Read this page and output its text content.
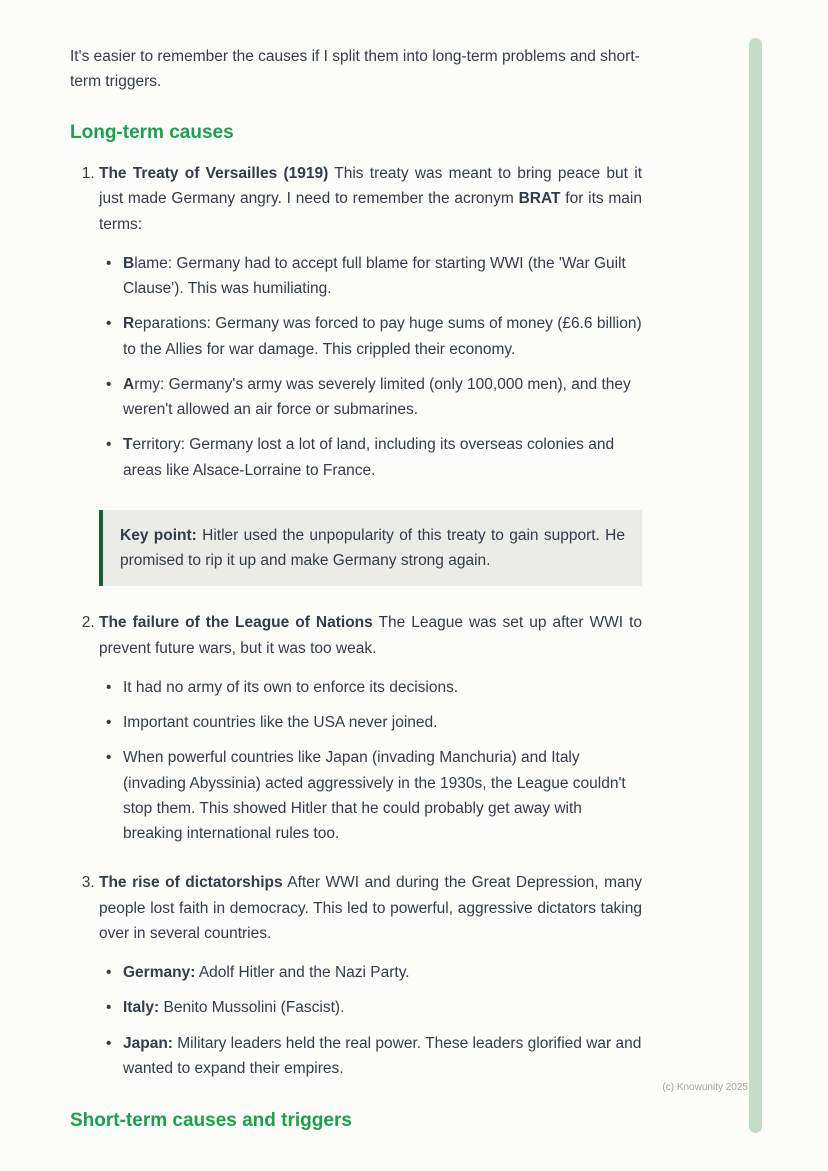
It's easier to remember the causes if I split them into long-term problems and short-term triggers.

Long-term causes

1. The Treaty of Versailles (1919) This treaty was meant to bring peace but it just made Germany angry. I need to remember the acronym BRAT for its main terms:

• Blame: Germany had to accept full blame for starting WWI (the 'War Guilt Clause'). This was humiliating.
• Reparations: Germany was forced to pay huge sums of money (£6.6 billion) to the Allies for war damage. This crippled their economy.
• Army: Germany's army was severely limited (only 100,000 men), and they weren't allowed an air force or submarines.
• Territory: Germany lost a lot of land, including its overseas colonies and areas like Alsace-Lorraine to France.

Key point: Hitler used the unpopularity of this treaty to gain support. He promised to rip it up and make Germany strong again.

2. The failure of the League of Nations The League was set up after WWI to prevent future wars, but it was too weak.

• It had no army of its own to enforce its decisions.
• Important countries like the USA never joined.
• When powerful countries like Japan (invading Manchuria) and Italy (invading Abyssinia) acted aggressively in the 1930s, the League couldn't stop them. This showed Hitler that he could probably get away with breaking international rules too.

3. The rise of dictatorships After WWI and during the Great Depression, many people lost faith in democracy. This led to powerful, aggressive dictators taking over in several countries.

• Germany: Adolf Hitler and the Nazi Party.
• Italy: Benito Mussolini (Fascist).
• Japan: Military leaders held the real power. These leaders glorified war and wanted to expand their empires.
Short-term causes and triggers
(c) Knowunity 2025
